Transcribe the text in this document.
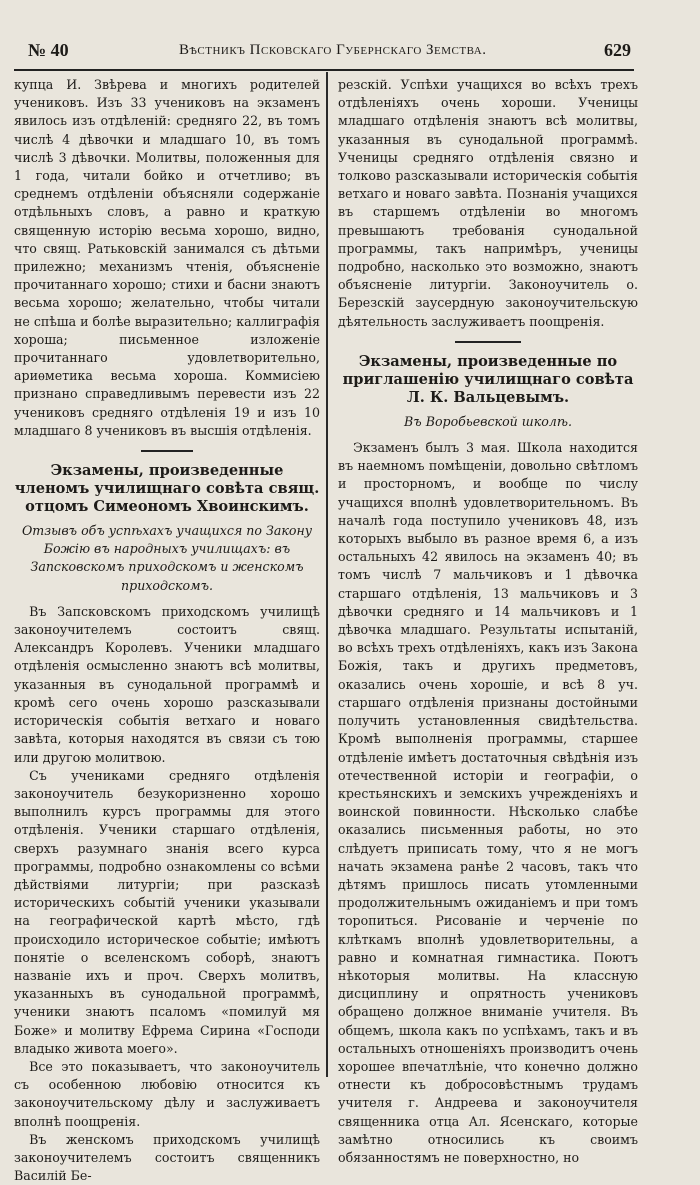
№ 40	Вѣстникъ Псковскаго Губернскаго Земства.	629

купца И. Звѣрева и многихъ родителей учениковъ. Изъ 33 учениковъ на экзаменъ явилось изъ отдѣленій: средняго 22, въ томъ числѣ 4 дѣвочки и младшаго 10, въ томъ числѣ 3 дѣвочки. Молитвы, положенныя для 1 года, читали бойко и отчетливо; въ среднемъ отдѣленіи объясняли содержаніе отдѣльныхъ словъ, а равно и краткую священную исторію весьма хорошо, видно, что свящ. Ратьковскій занимался съ дѣтьми прилежно; механизмъ чтенія, объясненіе прочитаннаго хорошо; стихи и басни знаютъ весьма хорошо; желательно, чтобы читали не спѣша и болѣе выразительно; каллиграфія хороша; письменное изложеніе прочитаннаго удовлетворительно, ариѳметика весьма хороша. Коммисіею признано справедливымъ перевести изъ 22 учениковъ средняго отдѣленія 19 и изъ 10 младшаго 8 учениковъ въ высшія отдѣленія.

Экзамены, произведенные членомъ училищнаго совѣта свящ. отцомъ Симеономъ Хвоинскимъ.
Отзывъ объ успѣхахъ учащихся по Закону Божію въ народныхъ училищахъ: въ Запсковскомъ приходскомъ и женскомъ приходскомъ.

Въ Запсковскомъ приходскомъ училищѣ законоучителемъ состоитъ свящ. Александръ Королевъ. Ученики младшаго отдѣленія осмысленно знаютъ всѣ молитвы, указанныя въ сунодальной программѣ и кромѣ сего очень хорошо разсказывали историческія событія ветхаго и новаго завѣта, которыя находятся въ связи съ тою или другою молитвою.

Съ учениками средняго отдѣленія законоучитель безукоризненно хорошо выполнилъ курсъ программы для этого отдѣленія. Ученики старшаго отдѣленія, сверхъ разумнаго знанія всего курса программы, подробно ознакомлены со всѣми дѣйствіями литургіи; при разсказѣ историческихъ событій ученики указывали на географической картѣ мѣсто, гдѣ происходило историческое событіе; имѣютъ понятіе о вселенскомъ соборѣ, знаютъ названіе ихъ и проч. Сверхъ молитвъ, указанныхъ въ сунодальной программѣ, ученики знаютъ псаломъ «помилуй мя Боже» и молитву Ефрема Сирина «Господи владыко живота моего».

Все это показываетъ, что законоучитель съ особенною любовію относится къ законоучительскому дѣлу и заслуживаетъ вполнѣ поощренія.

Въ женскомъ приходскомъ училищѣ законоучителемъ состоитъ священникъ Василій Бе-

резскій. Успѣхи учащихся во всѣхъ трехъ отдѣленіяхъ очень хороши. Ученицы младшаго отдѣленія знаютъ всѣ молитвы, указанныя въ сунодальной программѣ. Ученицы средняго отдѣленія связно и толково разсказывали историческія событія ветхаго и новаго завѣта. Познанія учащихся въ старшемъ отдѣленіи во многомъ превышаютъ требованія сунодальной программы, такъ напримѣръ, ученицы подробно, насколько это возможно, знаютъ объясненіе литургіи. Законоучитель о. Березскій заусердную законоучительскую дѣятельность заслуживаетъ поощренія.

Экзамены, произведенные по приглашенію училищнаго совѣта Л. К. Вальцевымъ.
Въ Воробьевской школѣ.

Экзаменъ былъ 3 мая. Школа находится въ наемномъ помѣщеніи, довольно свѣтломъ и просторномъ, и вообще по числу учащихся вполнѣ удовлетворительномъ. Въ началѣ года поступило учениковъ 48, изъ которыхъ выбыло въ разное время 6, а изъ остальныхъ 42 явилось на экзаменъ 40; въ томъ числѣ 7 мальчиковъ и 1 дѣвочка старшаго отдѣленія, 13 мальчиковъ и 3 дѣвочки средняго и 14 мальчиковъ и 1 дѣвочка младшаго. Результаты испытаній, во всѣхъ трехъ отдѣленіяхъ, какъ изъ Закона Божія, такъ и другихъ предметовъ, оказались очень хорошіе, и всѣ 8 уч. старшаго отдѣленія признаны достойными получить установленныя свидѣтельства. Кромѣ выполненія программы, старшее отдѣленіе имѣетъ достаточныя свѣдѣнія изъ отечественной исторіи и географіи, о крестьянскихъ и земскихъ учрежденіяхъ и воинской повинности. Нѣсколько слабѣе оказались письменныя работы, но это слѣдуетъ приписать тому, что я не могъ начать экзамена ранѣе 2 часовъ, такъ что дѣтямъ пришлось писать утомленными продолжительнымъ ожиданіемъ и при томъ торопиться. Рисованіе и черченіе по клѣткамъ вполнѣ удовлетворительны, а равно и комнатная гимнастика. Поютъ нѣкоторыя молитвы. На классную дисциплину и опрятность учениковъ обращено должное вниманіе учителя. Въ общемъ, школа какъ по успѣхамъ, такъ и въ остальныхъ отношеніяхъ производитъ очень хорошее впечатлѣніе, что конечно должно отнести къ добросовѣстнымъ трудамъ учителя г. Андреева и законоучителя священника отца Ал. Ясенскаго, которые замѣтно относились къ своимъ обязанностямъ не поверхностно, но
